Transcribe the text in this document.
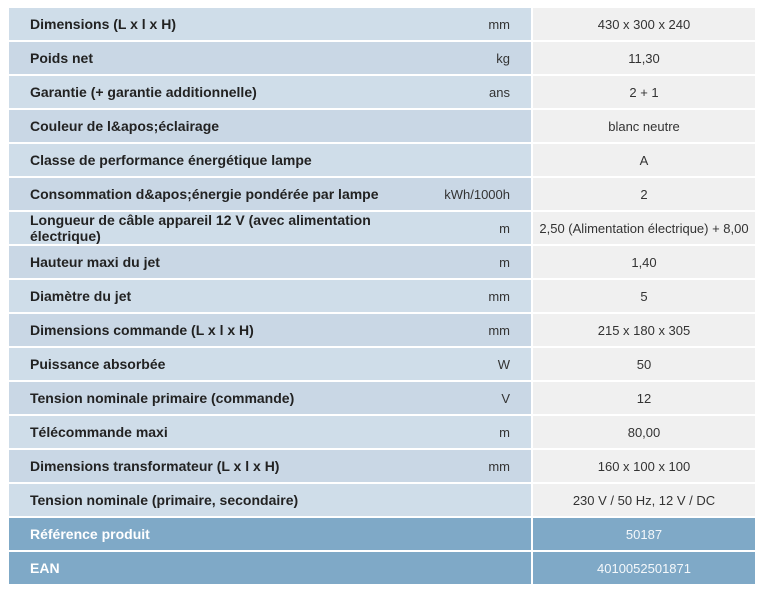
Dimensions (L x l x H)	mm	430 x 300 x 240
Poids net	kg	11,30
Garantie (+ garantie additionnelle)	ans	2 + 1
Couleur de l&apos;éclairage		blanc neutre
Classe de performance énergétique lampe		A
Consommation d&apos;énergie pondérée par lampe	kWh/1000h	2
Longueur de câble appareil 12 V (avec alimentation électrique)	m	2,50 (Alimentation électrique) + 8,00
Hauteur maxi du jet	m	1,40
Diamètre du jet	mm	5
Dimensions commande (L x l x H)	mm	215 x 180 x 305
Puissance absorbée	W	50
Tension nominale primaire (commande)	V	12
Télécommande maxi	m	80,00
Dimensions transformateur (L x l x H)	mm	160 x 100 x 100
Tension nominale (primaire, secondaire)		230 V / 50 Hz, 12 V / DC
Référence produit		50187
EAN		4010052501871
